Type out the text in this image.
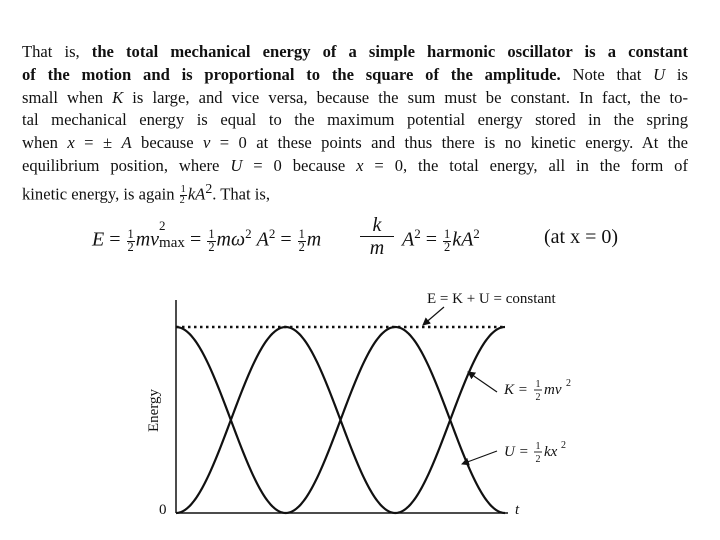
That is, the total mechanical energy of a simple harmonic oscillator is a constant
of the motion and is proportional to the square of the amplitude. Note that U is
small when K is large, and vice versa, because the sum must be constant. In fact, the to-
tal mechanical energy is equal to the maximum potential energy stored in the spring
when x = ± A because v = 0 at these points and thus there is no kinetic energy. At the
equilibrium position, where U = 0 because x = 0, the total energy, all in the form of
kinetic energy, is again $\frac{1}{2} kA^2$. That is,
$E = \frac{1}{2}$ mv
2
$\max = \frac{1}{2} m\omega^2$ $A^2 = \frac{1}{2}$ m $\frac{k}{m} A^2 = \frac{1}{2} kA^2$	(at x = 0)
E = K + U = constant
K = 1
2 mv 2
U = 1
2 kx 2
Energy
0	t
